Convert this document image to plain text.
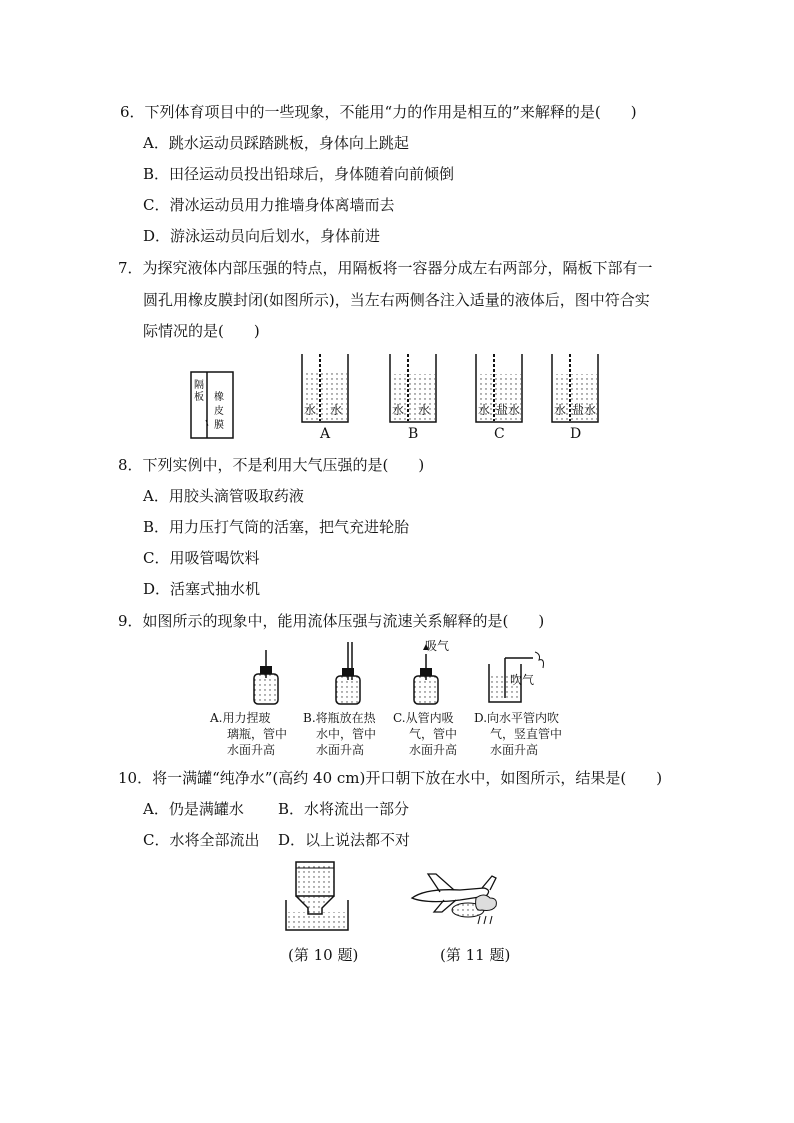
6．下列体育项目中的一些现象，不能用“力的作用是相互的”来解释的是(　　)
A．跳水运动员踩踏跳板，身体向上跳起
B．田径运动员投出铅球后，身体随着向前倾倒
C．滑冰运动员用力推墙身体离墙而去
D．游泳运动员向后划水，身体前进
7．为探究液体内部压强的特点，用隔板将一容器分成左右两部分，隔板下部有一
圆孔用橡皮膜封闭(如图所示)，当左右两侧各注入适量的液体后，图中符合实
际情况的是(　　)
隔
板 橡
皮
膜
水 水
A
水 水
B
水 盐水
C
水 盐水
D
8．下列实例中，不是利用大气压强的是(　　)
A．用胶头滴管吸取药液
B．用力压打气筒的活塞，把气充进轮胎
C．用吸管喝饮料
D．活塞式抽水机
9．如图所示的现象中，能用流体压强与流速关系解释的是(　　)
吸气
吹气
A.用力捏玻
璃瓶，管中
水面升高
B.将瓶放在热
水中，管中
水面升高
C.从管内吸
气，管中
水面升高
D.向水平管内吹
气，竖直管中
水面升高
10．将一满罐“纯净水”(高约 40 cm)开口朝下放在水中，如图所示，结果是(　　)
A．仍是满罐水 B．水将流出一部分
C．水将全部流出 D．以上说法都不对
(第 10 题)	(第 11 题)
